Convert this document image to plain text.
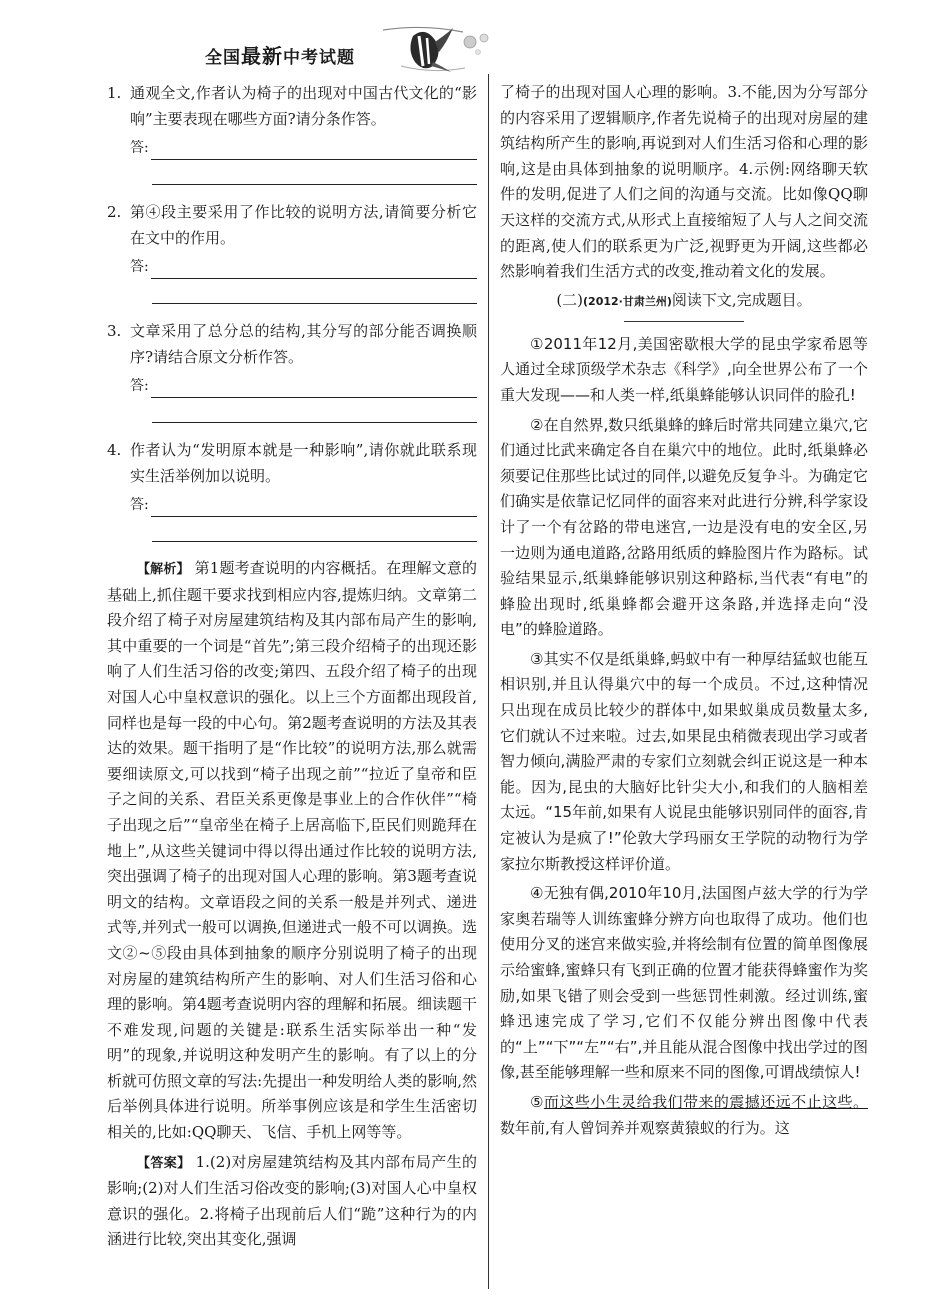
全国最新中考试题
1. 通观全文,作者认为椅子的出现对中国古代文化的“影响”主要表现在哪些方面?请分条作答。
答:
2. 第④段主要采用了作比较的说明方法,请简要分析它在文中的作用。
答:
3. 文章采用了总分总的结构,其分写的部分能否调换顺序?请结合原文分析作答。
答:
4. 作者认为“发明原本就是一种影响”,请你就此联系现实生活举例加以说明。
答:

【解析】 第1题考查说明的内容概括。在理解文意的基础上,抓住题干要求找到相应内容,提炼归纳。文章第二段介绍了椅子对房屋建筑结构及其内部布局产生的影响,其中重要的一个词是“首先”;第三段介绍椅子的出现还影响了人们生活习俗的改变;第四、五段介绍了椅子的出现对国人心中皇权意识的强化。以上三个方面都出现段首,同样也是每一段的中心句。第2题考查说明的方法及其表达的效果。题干指明了是“作比较”的说明方法,那么就需要细读原文,可以找到“椅子出现之前”“拉近了皇帝和臣子之间的关系、君臣关系更像是事业上的合作伙伴”“椅子出现之后”“皇帝坐在椅子上居高临下,臣民们则跪拜在地上”,从这些关键词中得以得出通过作比较的说明方法,突出强调了椅子的出现对国人心理的影响。第3题考查说明文的结构。文章语段之间的关系一般是并列式、递进式等,并列式一般可以调换,但递进式一般不可以调换。选文②~⑤段由具体到抽象的顺序分别说明了椅子的出现对房屋的建筑结构所产生的影响、对人们生活习俗和心理的影响。第4题考查说明内容的理解和拓展。细读题干不难发现,问题的关键是:联系生活实际举出一种“发明”的现象,并说明这种发明产生的影响。有了以上的分析就可仿照文章的写法:先提出一种发明给人类的影响,然后举例具体进行说明。所举事例应该是和学生生活密切相关的,比如:QQ聊天、飞信、手机上网等等。

【答案】 1.(2)对房屋建筑结构及其内部布局产生的影响;(2)对人们生活习俗改变的影响;(3)对国人心中皇权意识的强化。2.将椅子出现前后人们“跪”这种行为的内涵进行比较,突出其变化,强调

了椅子的出现对国人心理的影响。3.不能,因为分写部分的内容采用了逻辑顺序,作者先说椅子的出现对房屋的建筑结构所产生的影响,再说到对人们生活习俗和心理的影响,这是由具体到抽象的说明顺序。4.示例:网络聊天软件的发明,促进了人们之间的沟通与交流。比如像QQ聊天这样的交流方式,从形式上直接缩短了人与人之间交流的距离,使人们的联系更为广泛,视野更为开阔,这些都必然影响着我们生活方式的改变,推动着文化的发展。

(二)(2012·甘肃兰州)阅读下文,完成题目。

①2011年12月,美国密歇根大学的昆虫学家希恩等人通过全球顶级学术杂志《科学》,向全世界公布了一个重大发现——和人类一样,纸巢蜂能够认识同伴的脸孔!

②在自然界,数只纸巢蜂的蜂后时常共同建立巢穴,它们通过比武来确定各自在巢穴中的地位。此时,纸巢蜂必须要记住那些比试过的同伴,以避免反复争斗。为确定它们确实是依靠记忆同伴的面容来对此进行分辨,科学家设计了一个有岔路的带电迷宫,一边是没有电的安全区,另一边则为通电道路,岔路用纸质的蜂脸图片作为路标。试验结果显示,纸巢蜂能够识别这种路标,当代表“有电”的蜂脸出现时,纸巢蜂都会避开这条路,并选择走向“没电”的蜂脸道路。

③其实不仅是纸巢蜂,蚂蚁中有一种厚结猛蚁也能互相识别,并且认得巢穴中的每一个成员。不过,这种情况只出现在成员比较少的群体中,如果蚁巢成员数量太多,它们就认不过来啦。过去,如果昆虫稍微表现出学习或者智力倾向,满脸严肃的专家们立刻就会纠正说这是一种本能。因为,昆虫的大脑好比针尖大小,和我们的人脑相差太远。“15年前,如果有人说昆虫能够识别同伴的面容,肯定被认为是疯了!”伦敦大学玛丽女王学院的动物行为学家拉尔斯教授这样评价道。

④无独有偶,2010年10月,法国图卢兹大学的行为学家奥若瑞等人训练蜜蜂分辨方向也取得了成功。他们也使用分叉的迷宫来做实验,并将绘制有位置的简单图像展示给蜜蜂,蜜蜂只有飞到正确的位置才能获得蜂蜜作为奖励,如果飞错了则会受到一些惩罚性刺激。经过训练,蜜蜂迅速完成了学习,它们不仅能分辨出图像中代表的“上”“下”“左”“右”,并且能从混合图像中找出学过的图像,甚至能够理解一些和原来不同的图像,可谓战绩惊人!

⑤而这些小生灵给我们带来的震撼还远不止这些。数年前,有人曾饲养并观察黄猿蚁的行为。这
